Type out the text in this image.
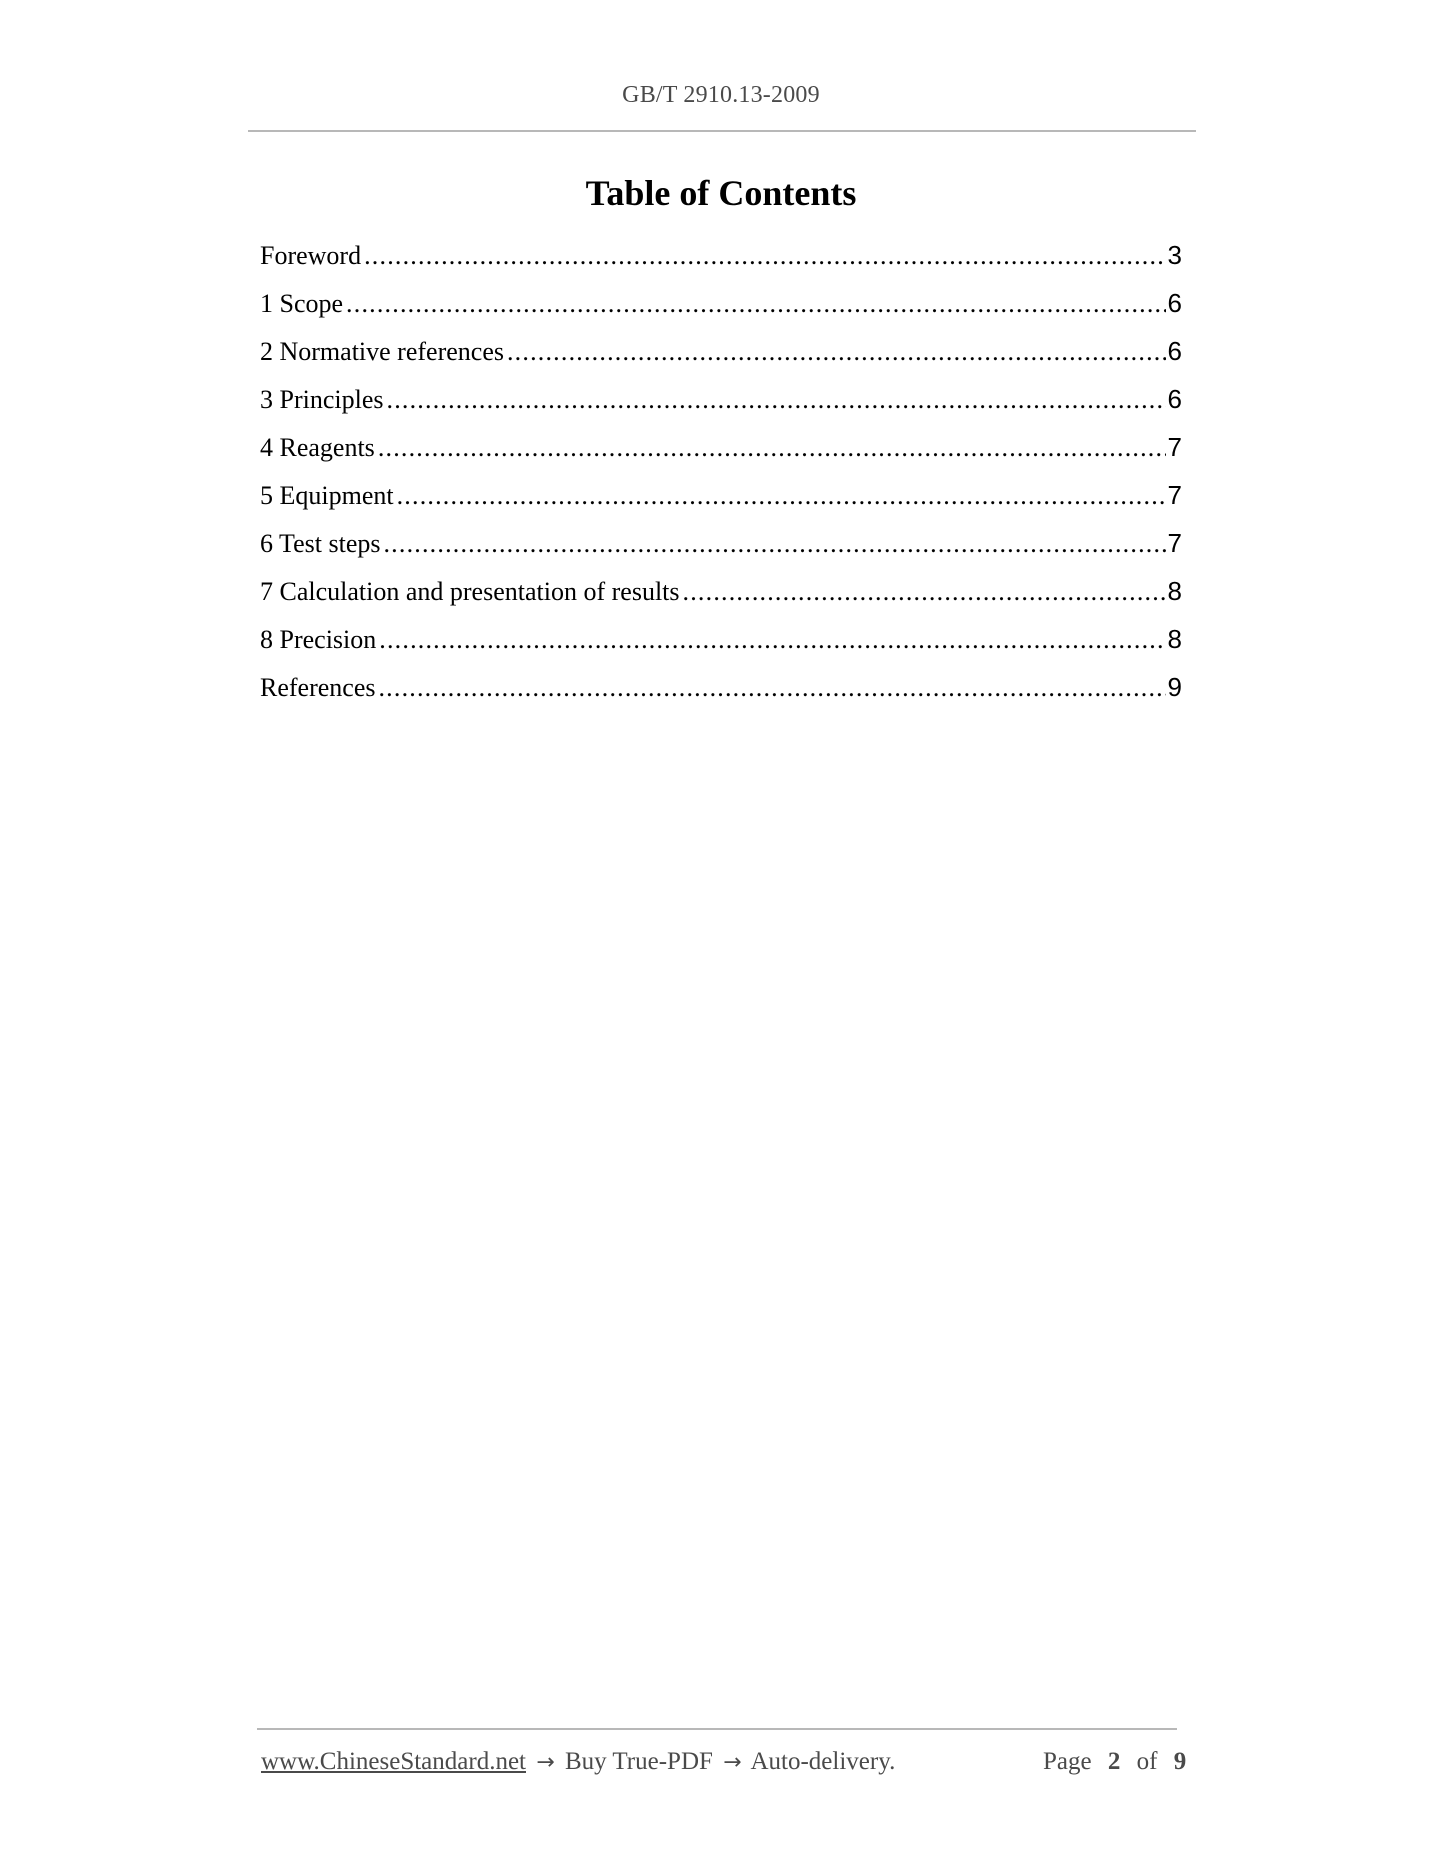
GB/T 2910.13-2009
Table of Contents
Foreword .....	3
1 Scope .....	6
2 Normative references .....	6
3 Principles .....	6
4 Reagents .....	7
5 Equipment .....	7
6 Test steps .....	7
7 Calculation and presentation of results .....	8
8 Precision .....	8
References .....	9
www.ChineseStandard.net → Buy True-PDF → Auto-delivery.	Page 2 of 9
